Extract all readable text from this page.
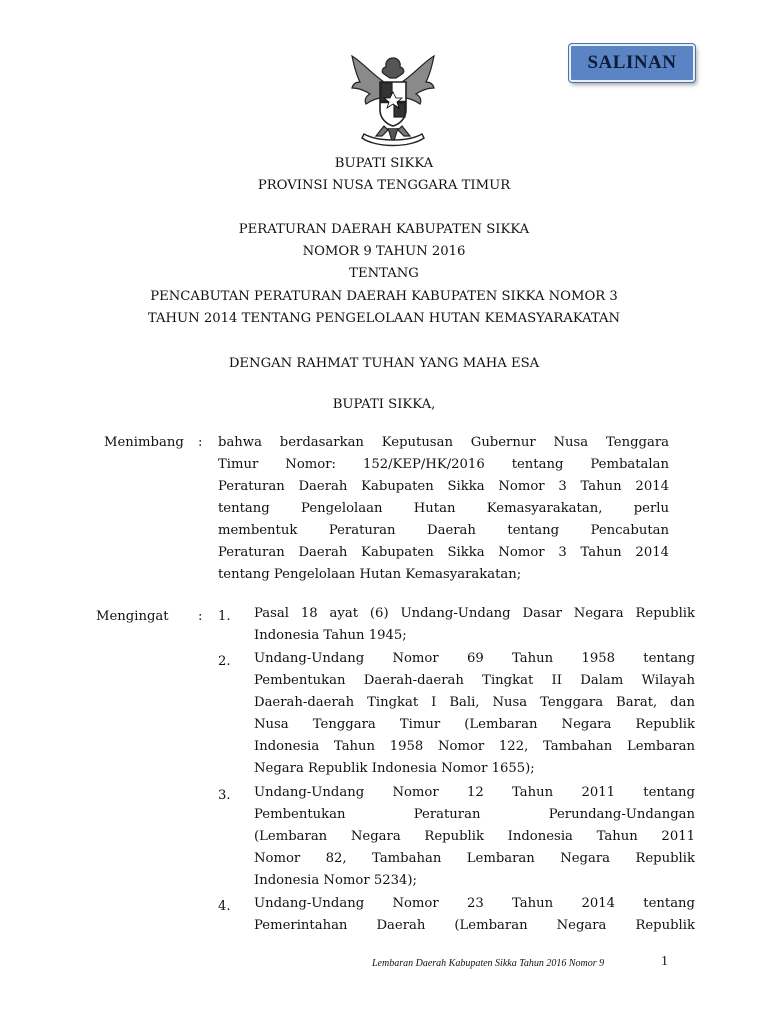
SALINAN
BUPATI SIKKA
PROVINSI NUSA TENGGARA TIMUR
PERATURAN DAERAH KABUPATEN SIKKA
NOMOR 9 TAHUN 2016
TENTANG
PENCABUTAN PERATURAN DAERAH KABUPATEN SIKKA NOMOR 3
TAHUN 2014 TENTANG PENGELOLAAN HUTAN KEMASYARAKATAN
DENGAN RAHMAT TUHAN YANG MAHA ESA
BUPATI SIKKA,
Menimbang : bahwa berdasarkan Keputusan Gubernur Nusa Tenggara
Timur Nomor: 152/KEP/HK/2016 tentang Pembatalan
Peraturan Daerah Kabupaten Sikka Nomor 3 Tahun 2014
tentang Pengelolaan Hutan Kemasyarakatan, perlu
membentuk Peraturan Daerah tentang Pencabutan
Peraturan Daerah Kabupaten Sikka Nomor 3 Tahun 2014
tentang Pengelolaan Hutan Kemasyarakatan;
Mengingat : 1. Pasal 18 ayat (6) Undang-Undang Dasar Negara Republik
Indonesia Tahun 1945;
2. Undang-Undang Nomor 69 Tahun 1958 tentang
Pembentukan Daerah-daerah Tingkat II Dalam Wilayah
Daerah-daerah Tingkat I Bali, Nusa Tenggara Barat, dan
Nusa Tenggara Timur (Lembaran Negara Republik
Indonesia Tahun 1958 Nomor 122, Tambahan Lembaran
Negara Republik Indonesia Nomor 1655);
3. Undang-Undang Nomor 12 Tahun 2011 tentang
Pembentukan Peraturan Perundang-Undangan
(Lembaran Negara Republik Indonesia Tahun 2011
Nomor 82, Tambahan Lembaran Negara Republik
Indonesia Nomor 5234);
4. Undang-Undang Nomor 23 Tahun 2014 tentang
Pemerintahan Daerah (Lembaran Negara Republik
Lembaran Daerah Kabupaten Sikka Tahun 2016 Nomor 9	1
